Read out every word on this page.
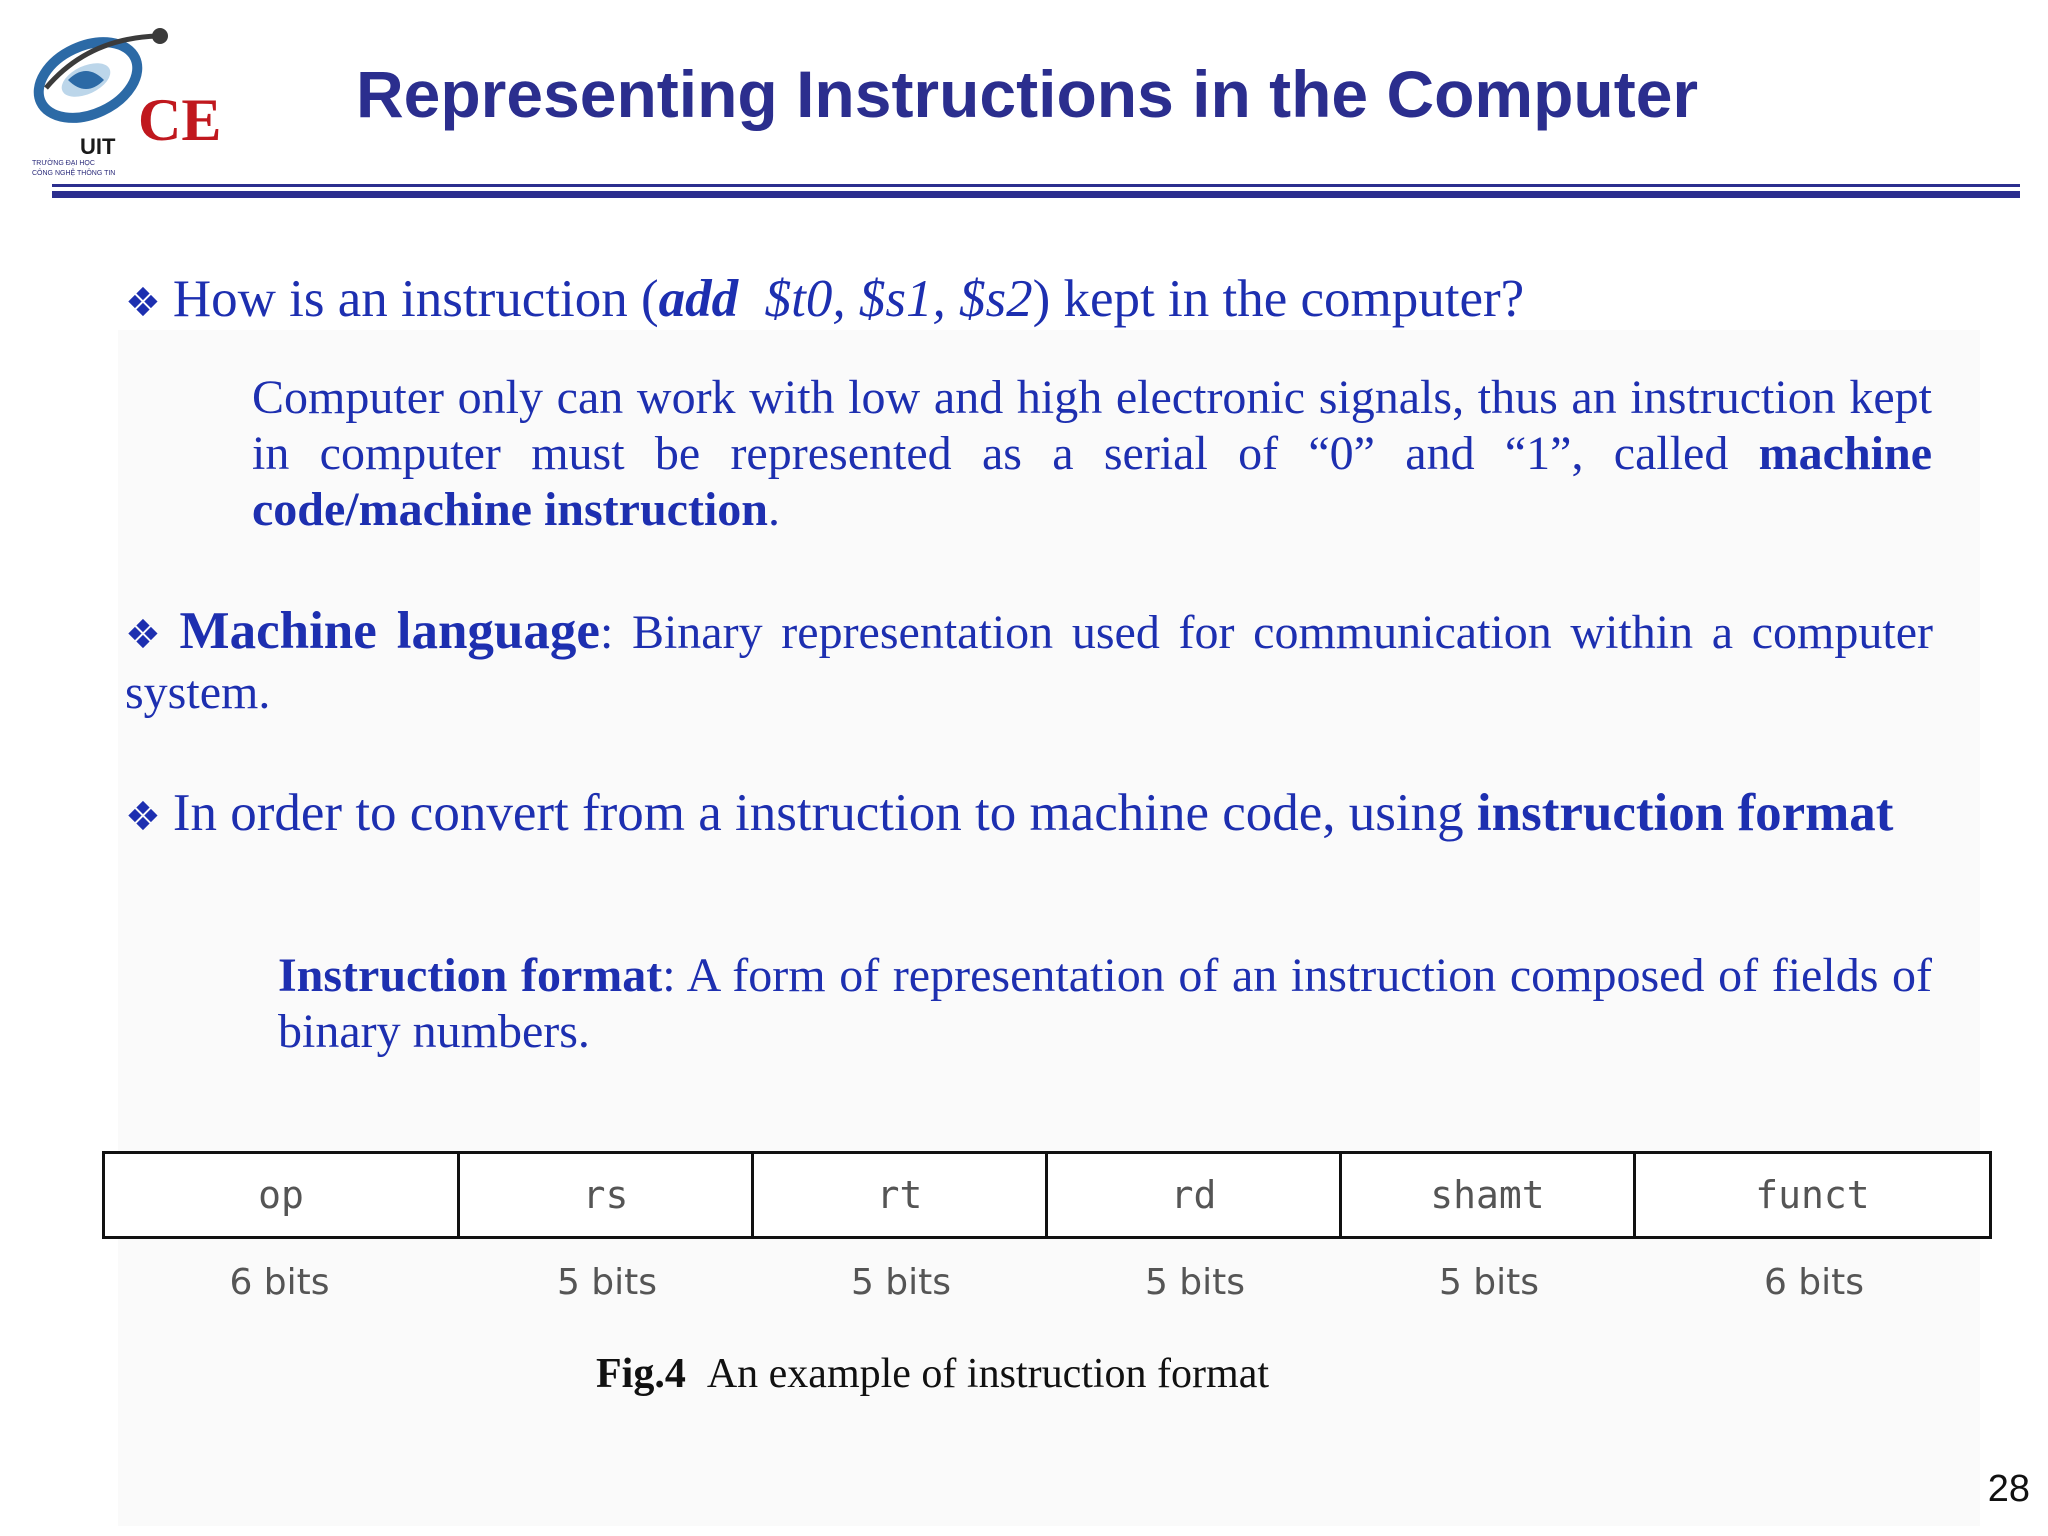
CE
UIT
TRƯỜNG ĐẠI HỌC
CÔNG NGHỆ THÔNG TIN
Representing Instructions in the Computer
❖ How is an instruction (add $t0, $s1, $s2) kept in the computer?
Computer only can work with low and high electronic signals, thus an instruction kept in computer must be represented as a serial of “0” and “1”, called machine code/machine instruction.
❖ Machine language: Binary representation used for communication within a computer system.
❖ In order to convert from a instruction to machine code, using instruction format
Instruction format: A form of representation of an instruction composed of fields of binary numbers.
op	rs	rt	rd	shamt	funct
6 bits	5 bits	5 bits	5 bits	5 bits	6 bits
Fig.4 An example of instruction format
28
